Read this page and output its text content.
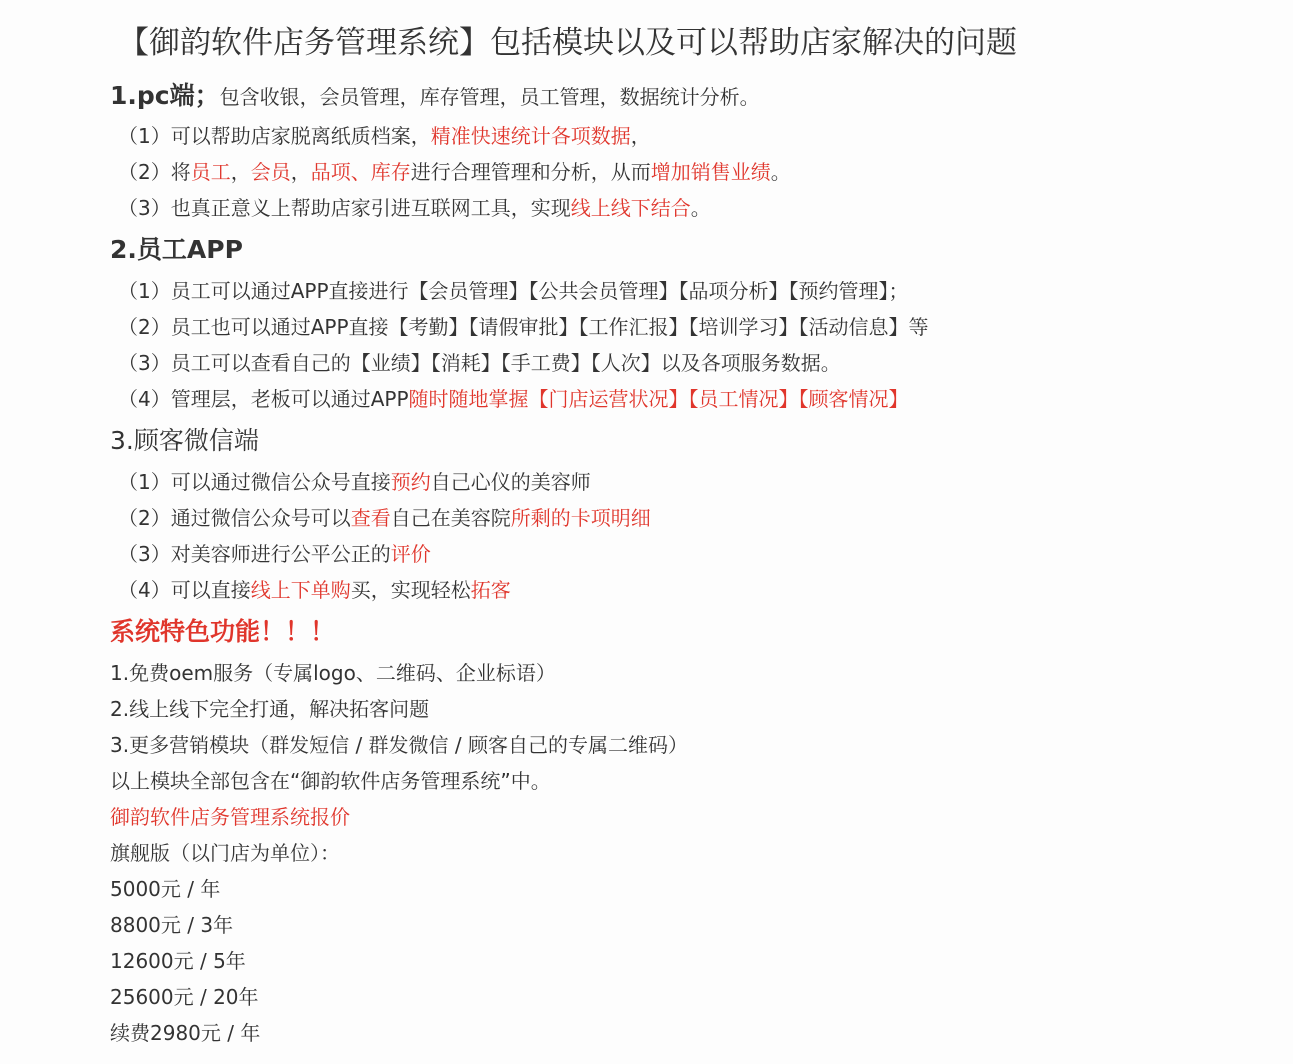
【御韵软件店务管理系统】包括模块以及可以帮助店家解决的问题
1.pc端；包含收银，会员管理，库存管理，员工管理，数据统计分析。
（1）可以帮助店家脱离纸质档案，精准快速统计各项数据，
（2）将员工，会员，品项、库存进行合理管理和分析，从而增加销售业绩。
（3）也真正意义上帮助店家引进互联网工具，实现线上线下结合。
2.员工APP
（1）员工可以通过APP直接进行【会员管理】【公共会员管理】【品项分析】【预约管理】；
（2）员工也可以通过APP直接【考勤】【请假审批】【工作汇报】【培训学习】【活动信息】等
（3）员工可以查看自己的【业绩】【消耗】【手工费】【人次】以及各项服务数据。
（4）管理层，老板可以通过APP随时随地掌握【门店运营状况】【员工情况】【顾客情况】
3.顾客微信端
（1）可以通过微信公众号直接预约自己心仪的美容师
（2）通过微信公众号可以查看自己在美容院所剩的卡项明细
（3）对美容师进行公平公正的评价
（4）可以直接线上下单购买，实现轻松拓客
系统特色功能！！！
1.免费oem服务（专属logo、二维码、企业标语）
2.线上线下完全打通，解决拓客问题
3.更多营销模块（群发短信 / 群发微信 / 顾客自己的专属二维码）
以上模块全部包含在“御韵软件店务管理系统”中。
御韵软件店务管理系统报价
旗舰版（以门店为单位）：
5000元 / 年
8800元 / 3年
12600元 / 5年
25600元 / 20年
续费2980元 / 年
